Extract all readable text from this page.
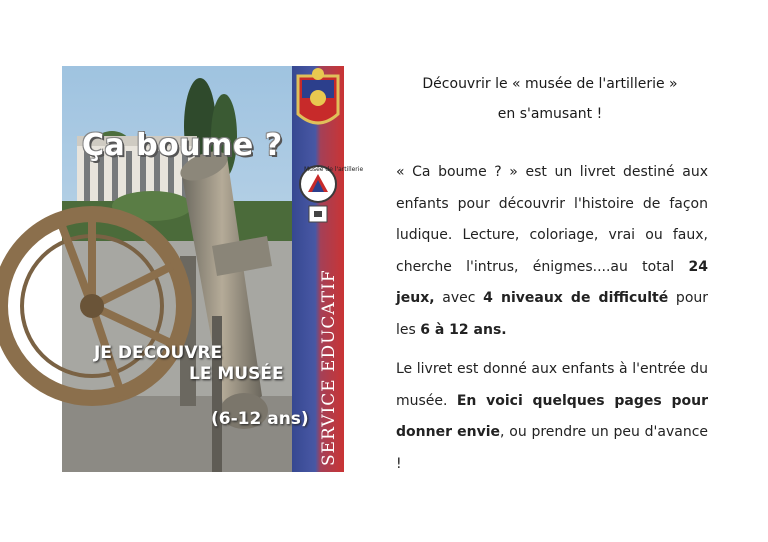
Ça boume ?
Musée de l'artillerie
JE DECOUVRE
LE MUSÉE
(6-12 ans) SERVICE EDUCATIF
Découvrir le « musée de l'artillerie »
en s'amusant !
« Ca boume ? » est un livret destiné aux enfants pour découvrir l'histoire de façon ludique. Lecture, coloriage, vrai ou faux, cherche l'intrus, énigmes....au total 24 jeux, avec 4 niveaux de difficulté pour les 6 à 12 ans.
Le livret est donné aux enfants à l'entrée du musée. En voici quelques pages pour donner envie, ou prendre un peu d'avance !
